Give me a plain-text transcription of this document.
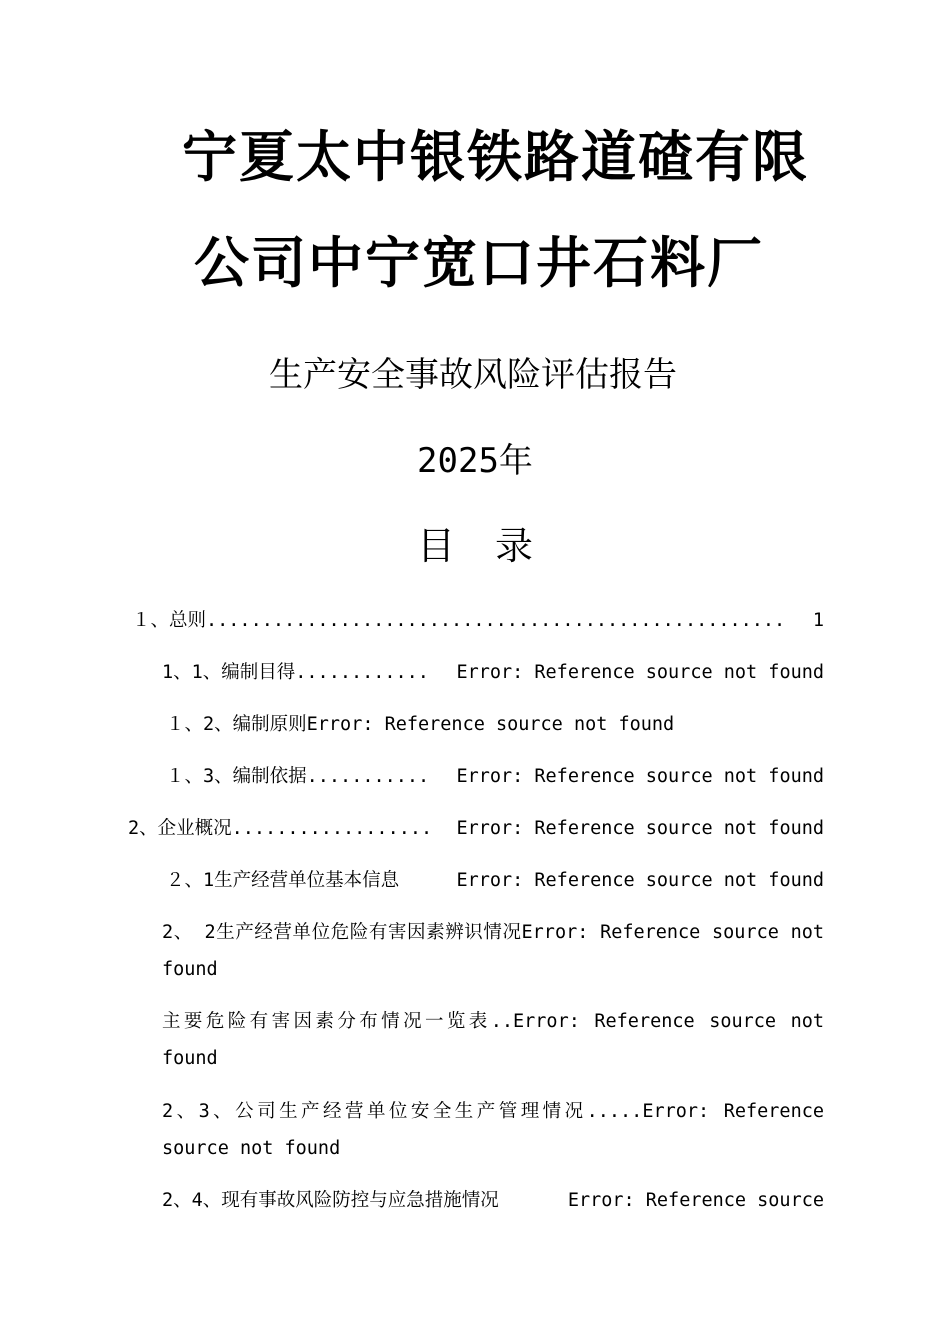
宁夏太中银铁路道碴有限
公司中宁宽口井石料厂
生产安全事故风险评估报告
2025年
目 录
１、总则 ....................................................	1
1、1、编制目得 ............	Error: Reference source not found
１、2、编制原则Error: Reference source not found
１、3、编制依据 ...........	Error: Reference source not found
2、企业概况 ..................	Error: Reference source not found
２、1生产经营单位基本信息	Error: Reference source not found
2、 2生产经营单位危险有害因素辨识情况Error: Reference source not found
主要危险有害因素分布情况一览表..Error: Reference source not found
2、3、公司生产经营单位安全生产管理情况.....Error: Reference source not found
2、4、现有事故风险防控与应急措施情况	Error: Reference source
